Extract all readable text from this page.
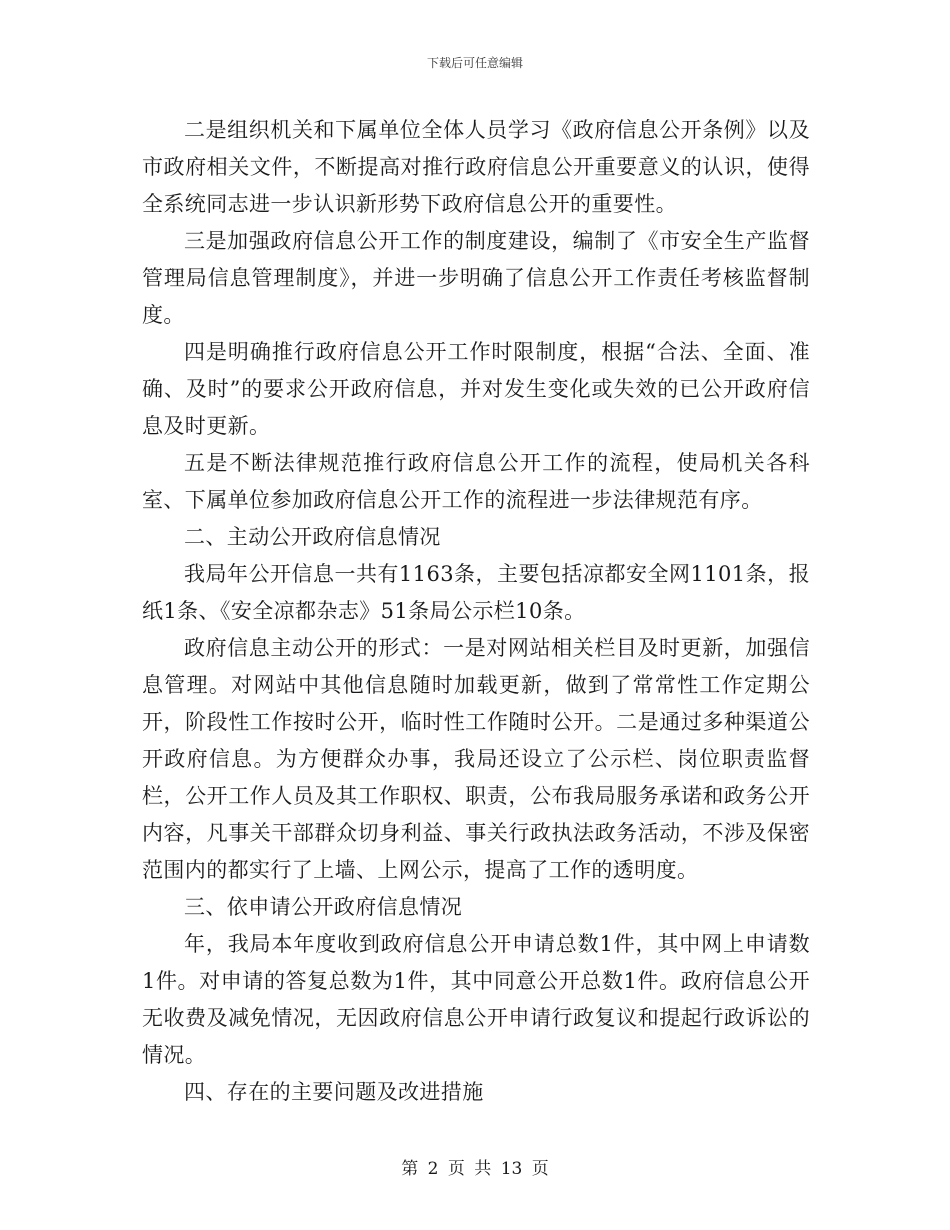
下载后可任意编辑

二是组织机关和下属单位全体人员学习《政府信息公开条例》以及市政府相关文件，不断提高对推行政府信息公开重要意义的认识，使得全系统同志进一步认识新形势下政府信息公开的重要性。

三是加强政府信息公开工作的制度建设，编制了《市安全生产监督管理局信息管理制度》，并进一步明确了信息公开工作责任考核监督制度。

四是明确推行政府信息公开工作时限制度，根据“合法、全面、准确、及时”的要求公开政府信息，并对发生变化或失效的已公开政府信息及时更新。

五是不断法律规范推行政府信息公开工作的流程，使局机关各科室、下属单位参加政府信息公开工作的流程进一步法律规范有序。

二、主动公开政府信息情况

我局年公开信息一共有1163条，主要包括凉都安全网1101条，报纸1条、《安全凉都杂志》51条局公示栏10条。

政府信息主动公开的形式：一是对网站相关栏目及时更新，加强信息管理。对网站中其他信息随时加载更新，做到了常常性工作定期公开，阶段性工作按时公开，临时性工作随时公开。二是通过多种渠道公开政府信息。为方便群众办事，我局还设立了公示栏、岗位职责监督栏，公开工作人员及其工作职权、职责，公布我局服务承诺和政务公开内容，凡事关干部群众切身利益、事关行政执法政务活动，不涉及保密范围内的都实行了上墙、上网公示，提高了工作的透明度。

三、依申请公开政府信息情况

年，我局本年度收到政府信息公开申请总数1件，其中网上申请数1件。对申请的答复总数为1件，其中同意公开总数1件。政府信息公开无收费及减免情况，无因政府信息公开申请行政复议和提起行政诉讼的情况。

四、存在的主要问题及改进措施

第 2 页 共 13 页
